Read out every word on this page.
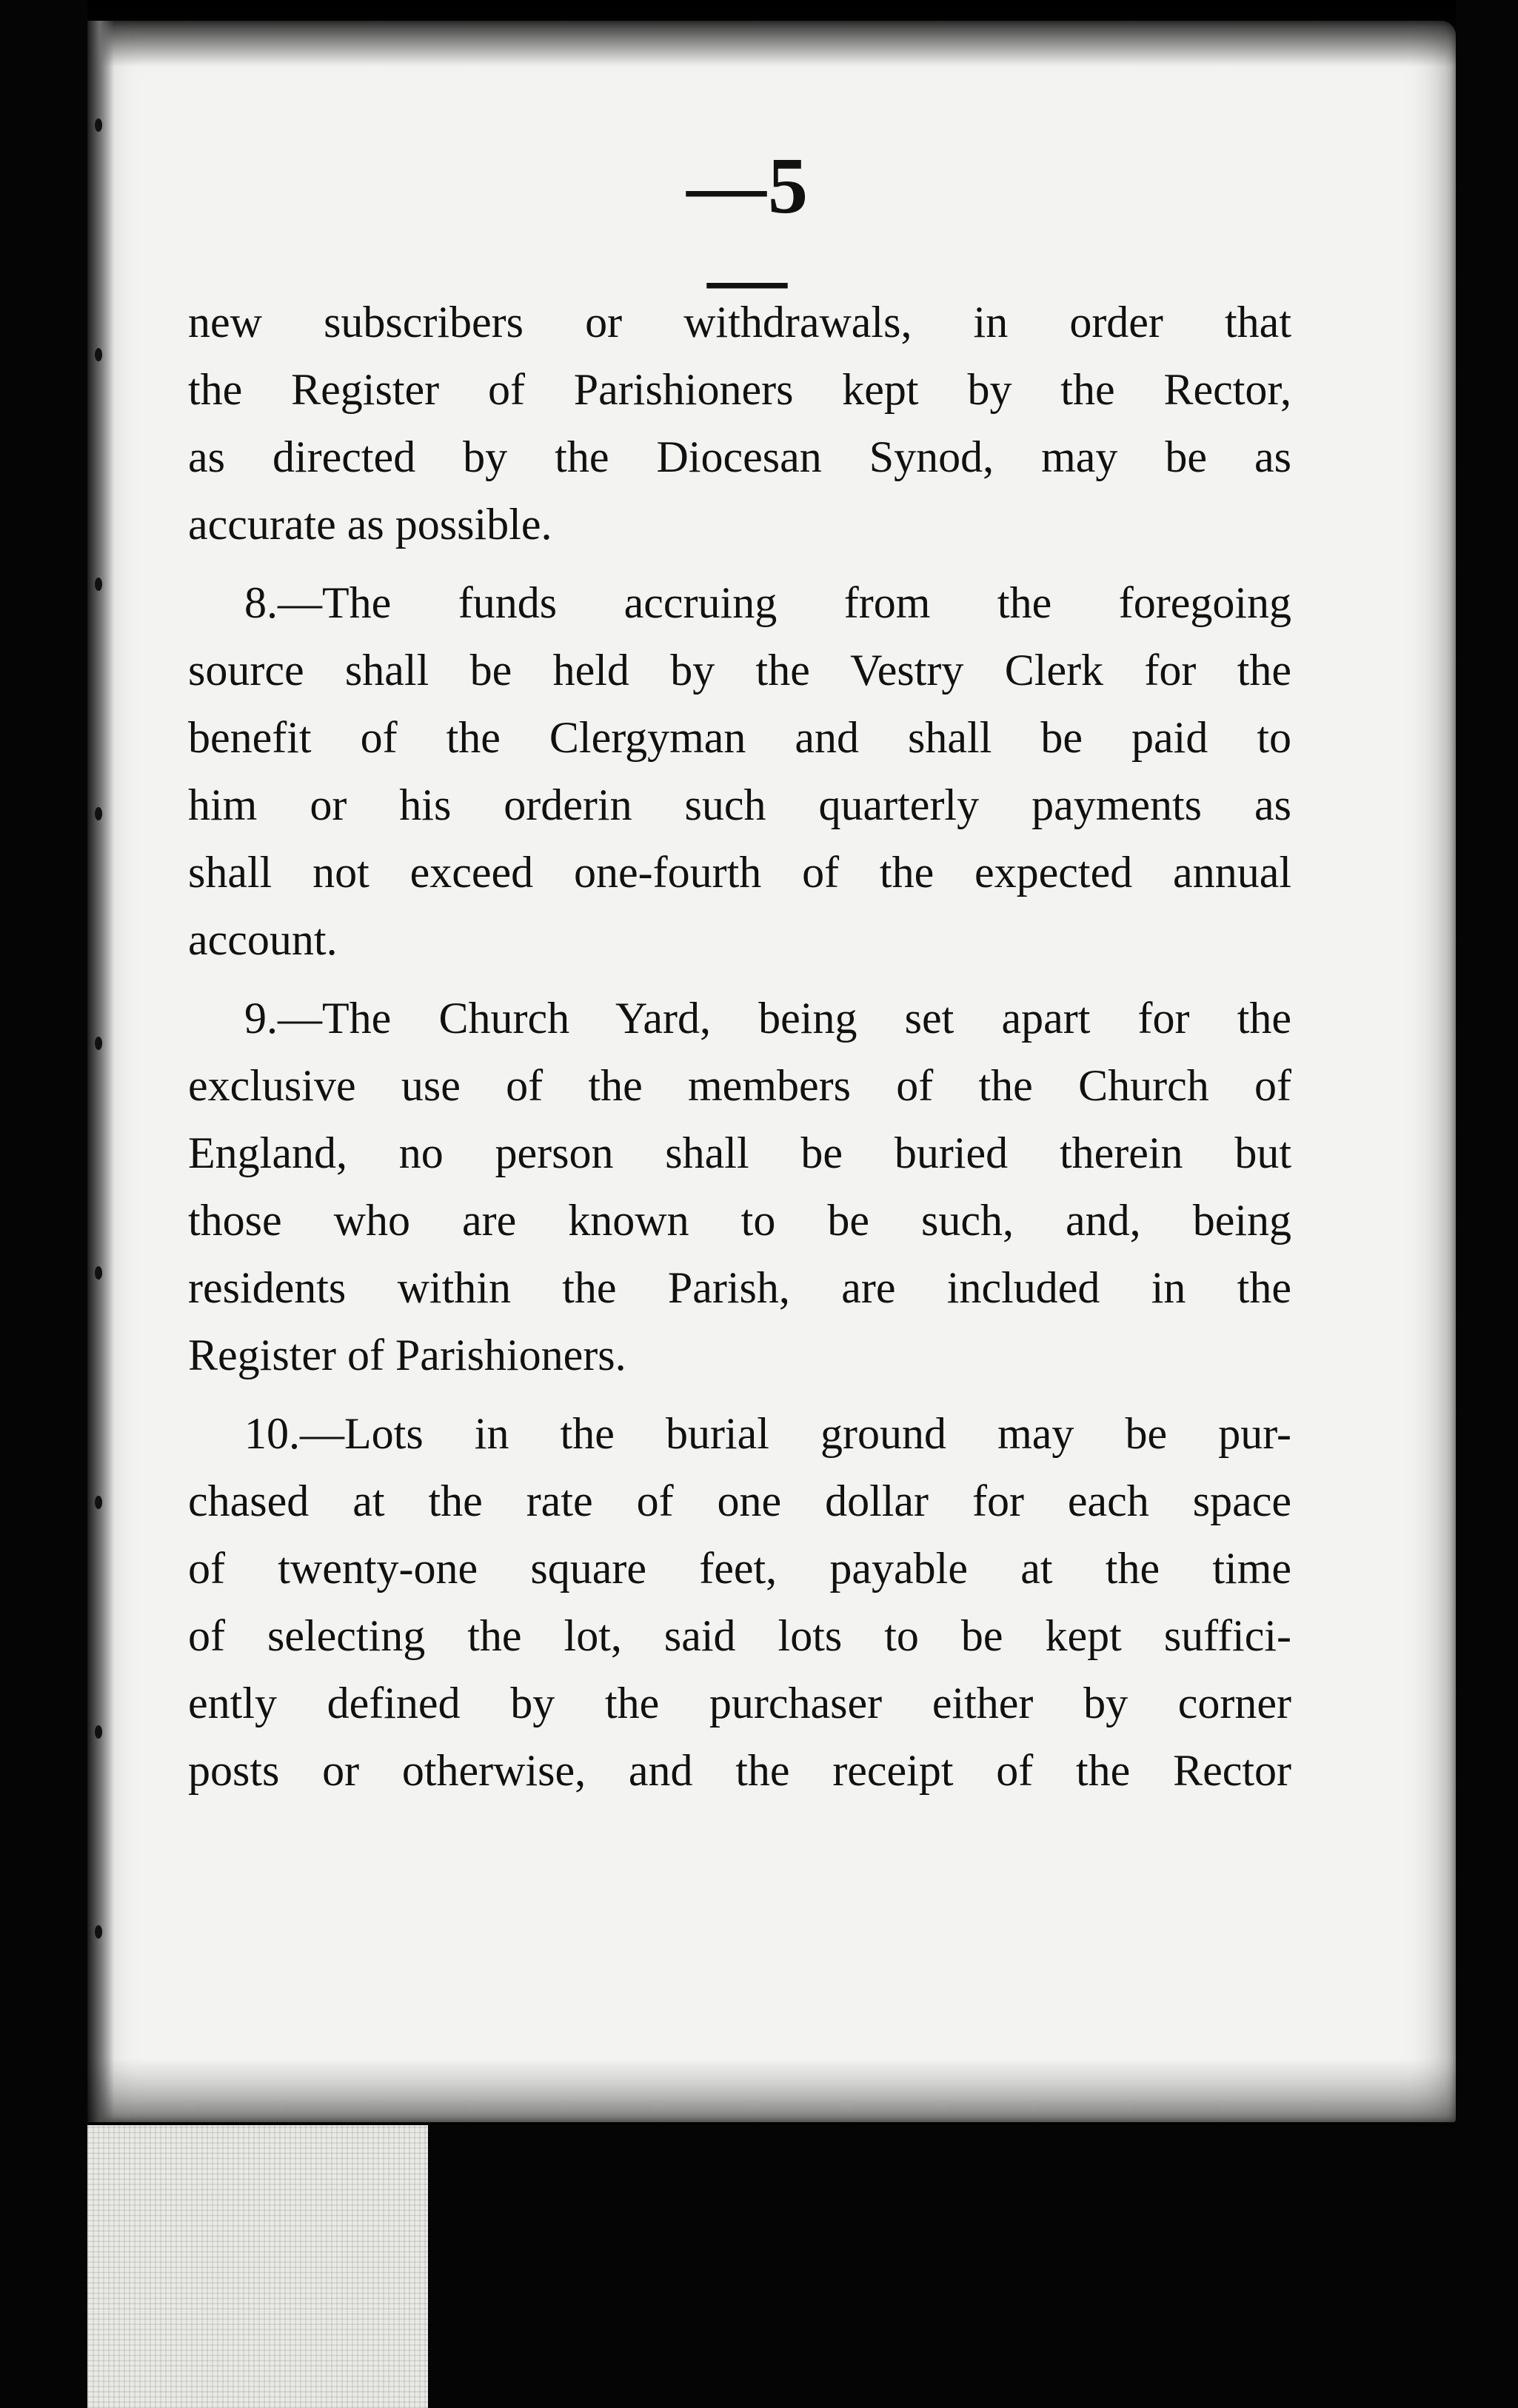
—5—
new subscribers or withdrawals, in order that
the Register of Parishioners kept by the Rector,
as directed by the Diocesan Synod, may be as
accurate as possible.
8.—The funds accruing from the foregoing
source shall be held by the Vestry Clerk for the
benefit of the Clergyman and shall be paid to
him or his orderin such quarterly payments as
shall not exceed one-fourth of the expected annual
account.
9.—The Church Yard, being set apart for the
exclusive use of the members of the Church of
England, no person shall be buried therein but
those who are known to be such, and, being
residents within the Parish, are included in the
Register of Parishioners.
10.—Lots in the burial ground may be pur-
chased at the rate of one dollar for each space
of twenty-one square feet, payable at the time
of selecting the lot, said lots to be kept suffici-
ently defined by the purchaser either by corner
posts or otherwise, and the receipt of the Rector
